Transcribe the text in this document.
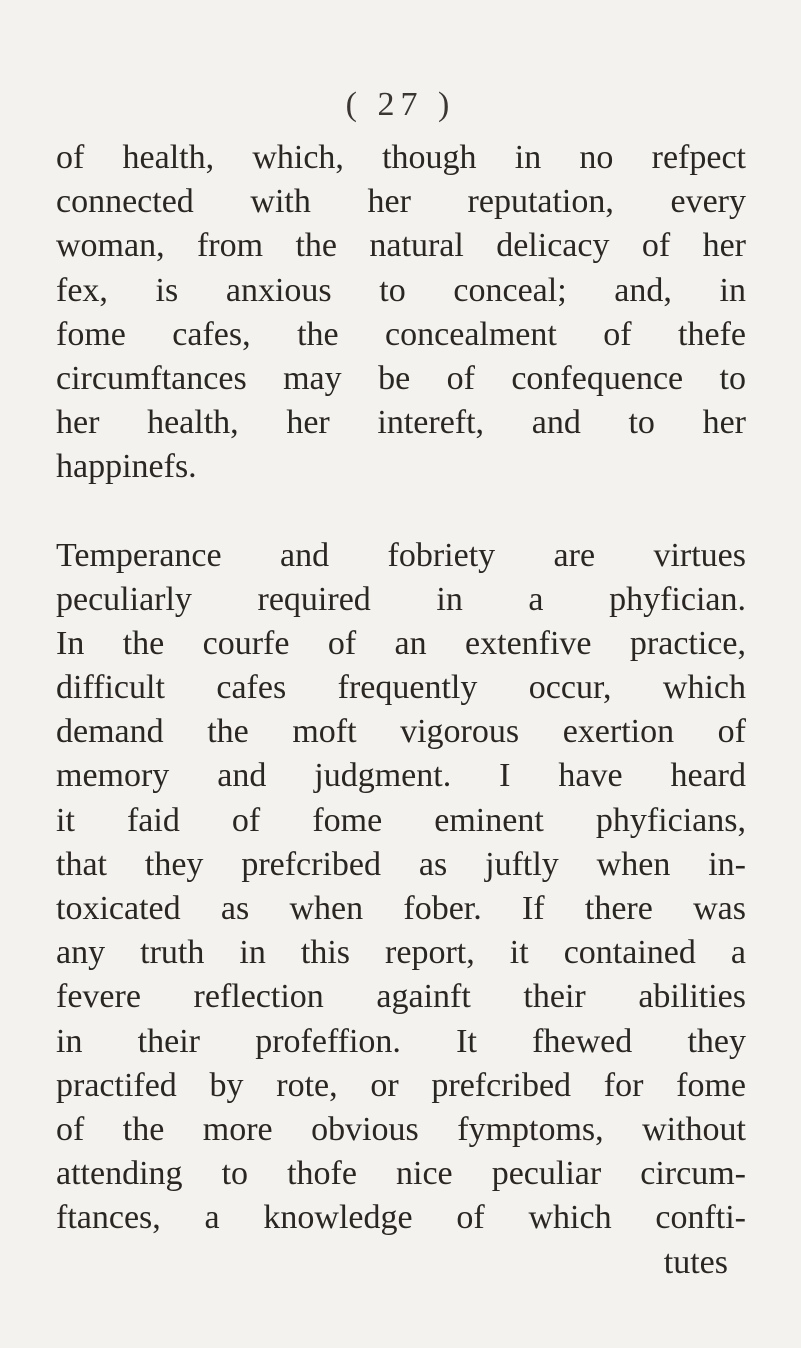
( 27 )
of health, which, though in no refpect
connected with her reputation, every
woman, from the natural delicacy of her
fex, is anxious to conceal; and, in
fome cafes, the concealment of thefe
circumftances may be of confequence to
her health, her intereft, and to her
happinefs.
Temperance and fobriety are virtues
peculiarly required in a phyfician.
In the courfe of an extenfive practice,
difficult cafes frequently occur, which
demand the moft vigorous exertion of
memory and judgment. I have heard
it faid of fome eminent phyficians,
that they prefcribed as juftly when in-
toxicated as when fober. If there was
any truth in this report, it contained a
fevere reflection againft their abilities
in their profeffion. It fhewed they
practifed by rote, or prefcribed for fome
of the more obvious fymptoms, without
attending to thofe nice peculiar circum-
ftances, a knowledge of which confti-
tutes
